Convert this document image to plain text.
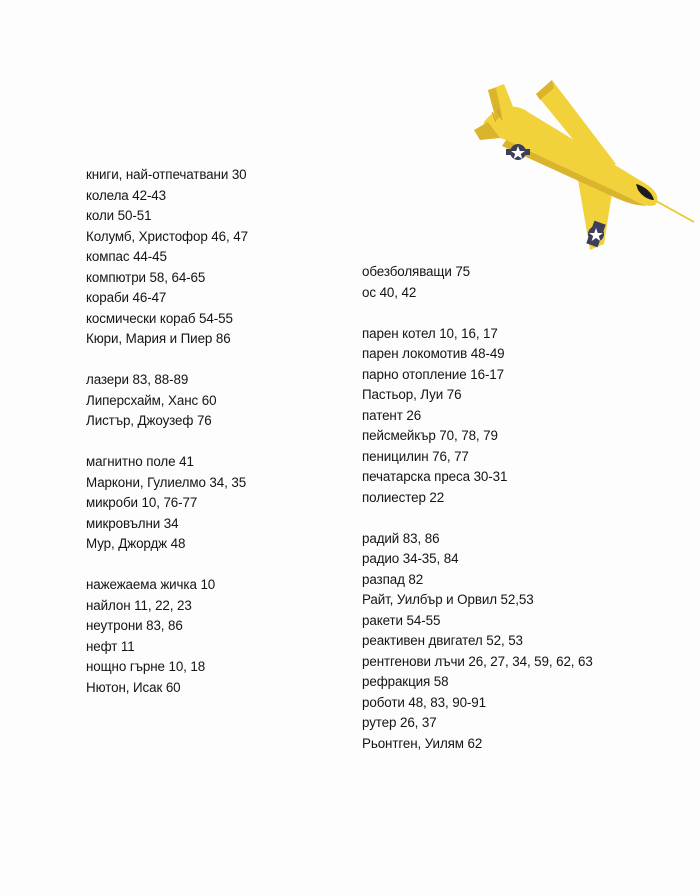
книги, най-отпечатвани 30
колела 42-43
коли 50-51
Колумб, Христофор 46, 47
компас 44-45
компютри 58, 64-65
кораби 46-47
космически кораб 54-55
Кюри, Мария и Пиер 86
лазери 83, 88-89
Липерсхайм, Ханс 60
Листър, Джоузеф 76
магнитно поле 41
Маркони, Гулиелмо 34, 35
микроби 10, 76-77
микровълни 34
Мур, Джордж 48
нажежаема жичка 10
найлон 11, 22, 23
неутрони 83, 86
нефт 11
нощно гърне 10, 18
Нютон, Исак 60
обезболяващи 75
ос 40, 42
парен котел 10, 16, 17
парен локомотив 48-49
парно отопление 16-17
Пастьор, Луи 76
патент 26
пейсмейкър 70, 78, 79
пеницилин 76, 77
печатарска преса 30-31
полиестер 22
радий 83, 86
радио 34-35, 84
разпад 82
Райт, Уилбър и Орвил 52,53
ракети 54-55
реактивен двигател 52, 53
рентгенови лъчи 26, 27, 34, 59, 62, 63
рефракция 58
роботи 48, 83, 90-91
рутер 26, 37
Рьонтген, Уилям 62
